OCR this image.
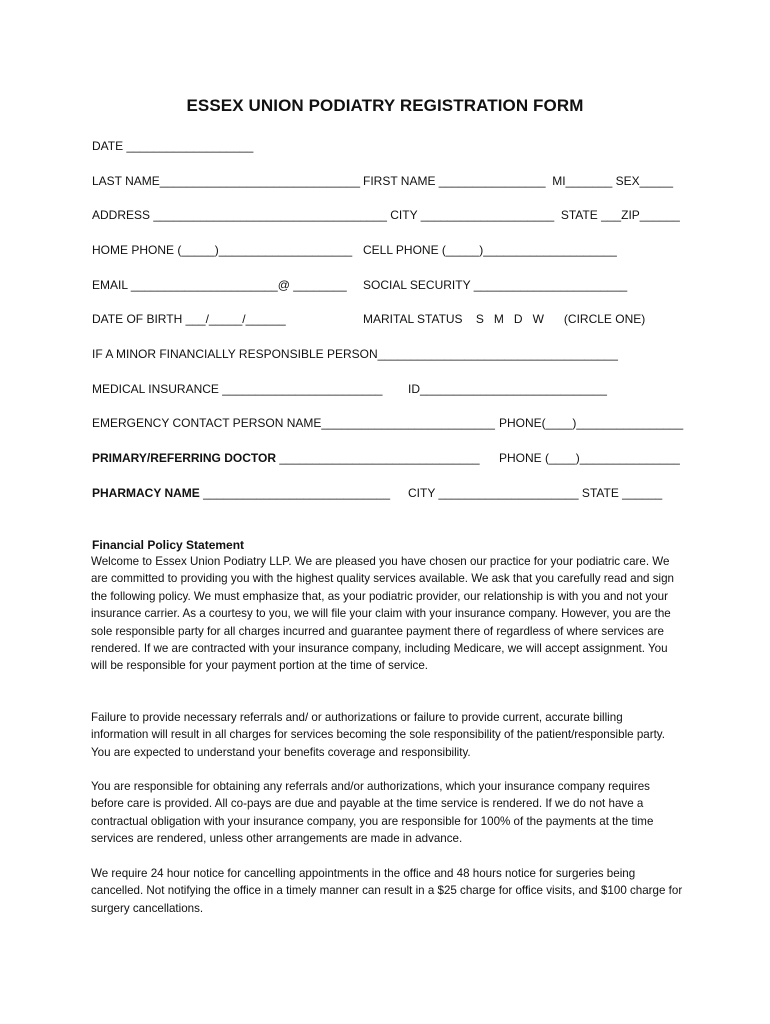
ESSEX UNION PODIATRY REGISTRATION FORM
DATE ___________________
LAST NAME______________________________ FIRST NAME ________________  MI_______ SEX_____
ADDRESS ___________________________________ CITY ____________________  STATE ___ZIP______
HOME PHONE (_____)____________________ CELL PHONE (_____)____________________
EMAIL ______________________@ ________ SOCIAL SECURITY _______________________
DATE OF BIRTH ___/_____/______	MARITAL STATUS    S   M   D   W      (CIRCLE ONE)
IF A MINOR FINANCIALLY RESPONSIBLE PERSON____________________________________
MEDICAL INSURANCE ________________________ ID____________________________
EMERGENCY CONTACT PERSON NAME__________________________ PHONE(____)________________
PRIMARY/REFERRING DOCTOR ______________________________ PHONE (____)_______________
PHARMACY NAME ____________________________ CITY _____________________ STATE ______
Financial Policy Statement

Welcome to Essex Union Podiatry LLP. We are pleased you have chosen our practice for your podiatric care. We are committed to providing you with the highest quality services available. We ask that you carefully read and sign the following policy. We must emphasize that, as your podiatric provider, our relationship is with you and not your insurance carrier. As a courtesy to you, we will file your claim with your insurance company. However, you are the sole responsible party for all charges incurred and guarantee payment there of regardless of where services are rendered. If we are contracted with your insurance company, including Medicare, we will accept assignment. You will be responsible for your payment portion at the time of service.

Failure to provide necessary referrals and/ or authorizations or failure to provide current, accurate billing information will result in all charges for services becoming the sole responsibility of the patient/responsible party. You are expected to understand your benefits coverage and responsibility.

You are responsible for obtaining any referrals and/or authorizations, which your insurance company requires before care is provided. All co-pays are due and payable at the time service is rendered. If we do not have a contractual obligation with your insurance company, you are responsible for 100% of the payments at the time services are rendered, unless other arrangements are made in advance.

We require 24 hour notice for cancelling appointments in the office and 48 hours notice for surgeries being cancelled. Not notifying the office in a timely manner can result in a $25 charge for office visits, and $100 charge for surgery cancellations.
